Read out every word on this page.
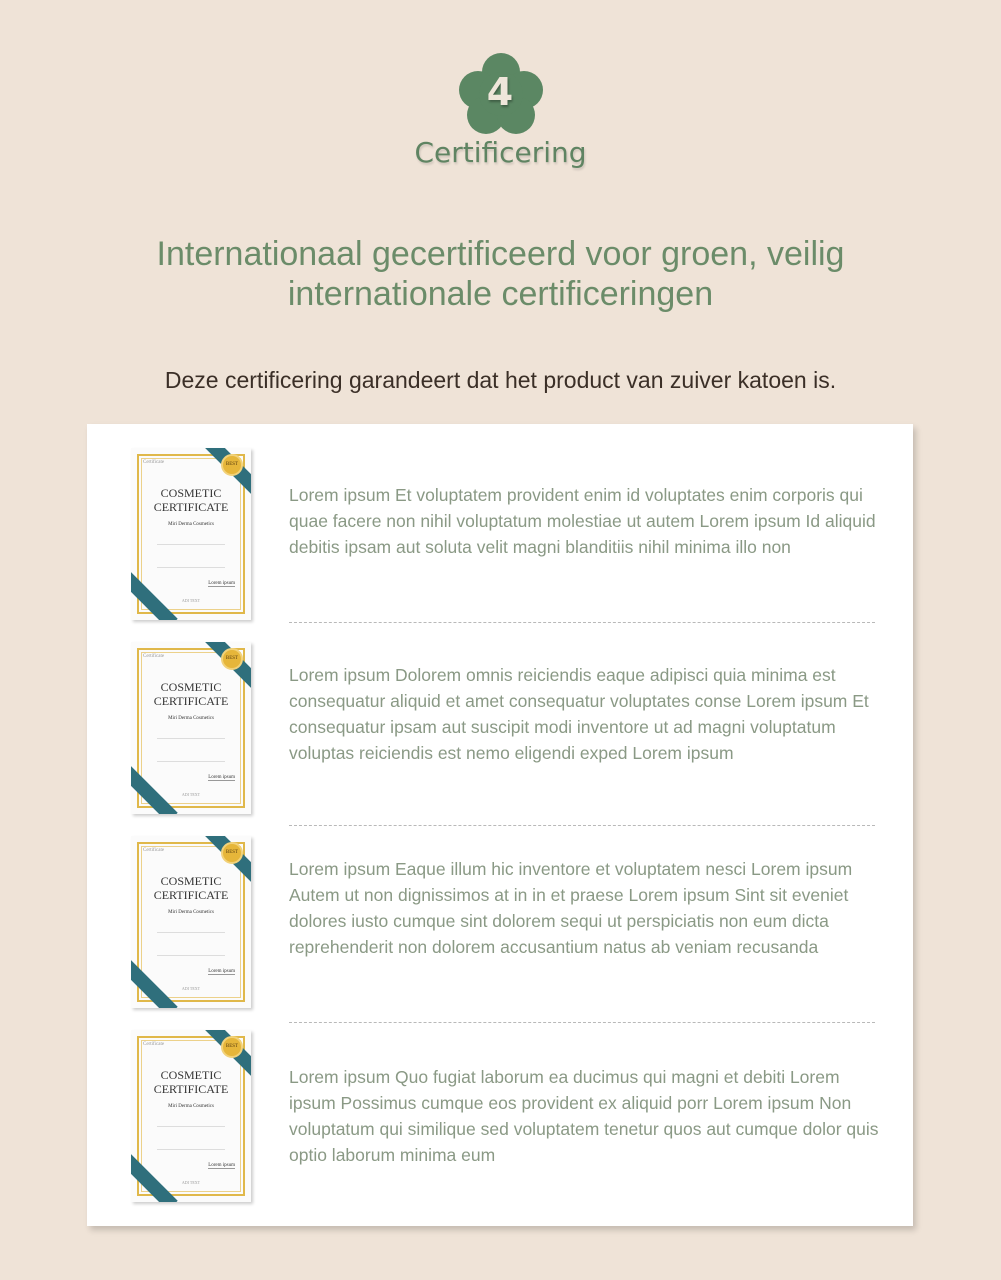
4
Certificering
Internationaal gecertificeerd voor groen, veilig
internationale certificeringen
Deze certificering garandeert dat het product van zuiver katoen is.
BEST
Certificate
COSMETIC CERTIFICATE
Miri Derma Cosmetics
Lorem ipsum
ADI TEXT
Lorem ipsum Et voluptatem provident enim id voluptates enim corporis qui quae facere non nihil voluptatum molestiae ut autem Lorem ipsum Id aliquid debitis ipsam aut soluta velit magni blanditiis nihil minima illo non
BEST
Certificate
COSMETIC CERTIFICATE
Miri Derma Cosmetics
Lorem ipsum
ADI TEXT
Lorem ipsum Dolorem omnis reiciendis eaque adipisci quia minima est consequatur aliquid et amet consequatur voluptates conse Lorem ipsum Et consequatur ipsam aut suscipit modi inventore ut ad magni voluptatum voluptas reiciendis est nemo eligendi exped Lorem ipsum
BEST
Certificate
COSMETIC CERTIFICATE
Miri Derma Cosmetics
Lorem ipsum
ADI TEXT
Lorem ipsum Eaque illum hic inventore et voluptatem nesci Lorem ipsum Autem ut non dignissimos at in in et praese Lorem ipsum Sint sit eveniet dolores iusto cumque sint dolorem sequi ut perspiciatis non eum dicta reprehenderit non dolorem accusantium natus ab veniam recusanda
BEST
Certificate
COSMETIC CERTIFICATE
Miri Derma Cosmetics
Lorem ipsum
ADI TEXT
Lorem ipsum Quo fugiat laborum ea ducimus qui magni et debiti Lorem ipsum Possimus cumque eos provident ex aliquid porr Lorem ipsum Non voluptatum qui similique sed voluptatem tenetur quos aut cumque dolor quis optio laborum minima eum
